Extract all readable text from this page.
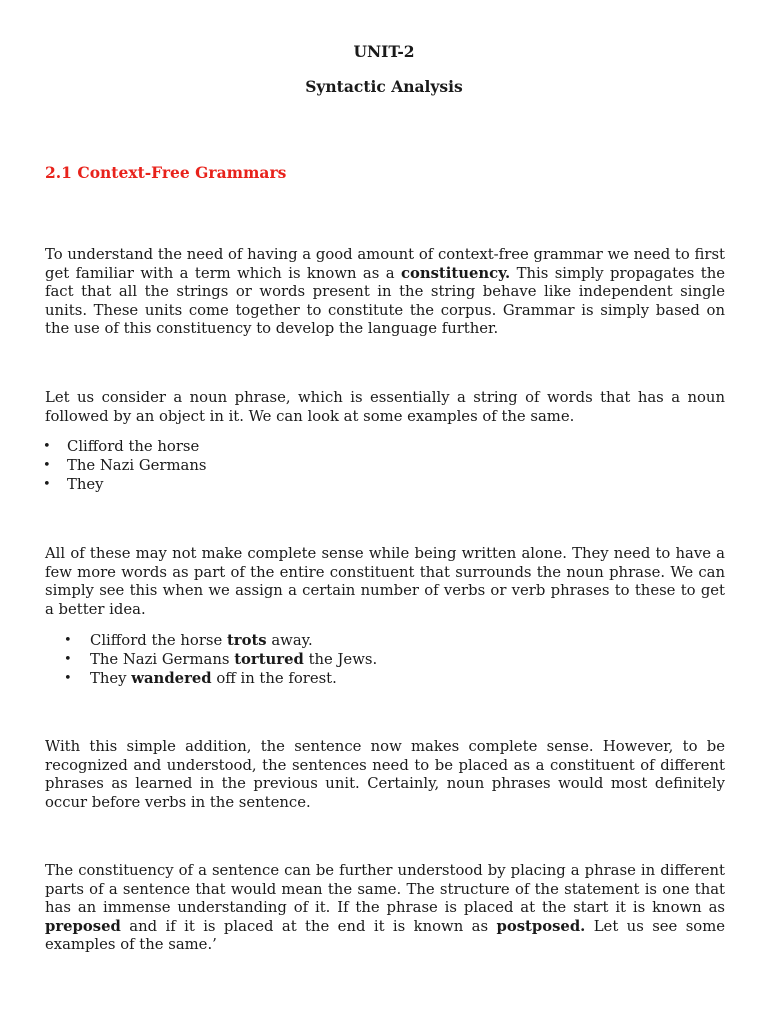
UNIT-2

Syntactic Analysis

2.1 Context-Free Grammars

To understand the need of having a good amount of context-free grammar we need to first get familiar with a term which is known as a constituency. This simply propagates the fact that all the strings or words present in the string behave like independent single units. These units come together to constitute the corpus. Grammar is simply based on the use of this constituency to develop the language further.

Let us consider a noun phrase, which is essentially a string of words that has a noun followed by an object in it. We can look at some examples of the same.

• Clifford the horse
• The Nazi Germans
• They

All of these may not make complete sense while being written alone. They need to have a few more words as part of the entire constituent that surrounds the noun phrase. We can simply see this when we assign a certain number of verbs or verb phrases to these to get a better idea.

• Clifford the horse trots away.
• The Nazi Germans tortured the Jews.
• They wandered off in the forest.

With this simple addition, the sentence now makes complete sense. However, to be recognized and understood, the sentences need to be placed as a constituent of different phrases as learned in the previous unit. Certainly, noun phrases would most definitely occur before verbs in the sentence.

The constituency of a sentence can be further understood by placing a phrase in different parts of a sentence that would mean the same. The structure of the statement is one that has an immense understanding of it. If the phrase is placed at the start it is known as preposed and if it is placed at the end it is known as postposed. Let us see some examples of the same.’
